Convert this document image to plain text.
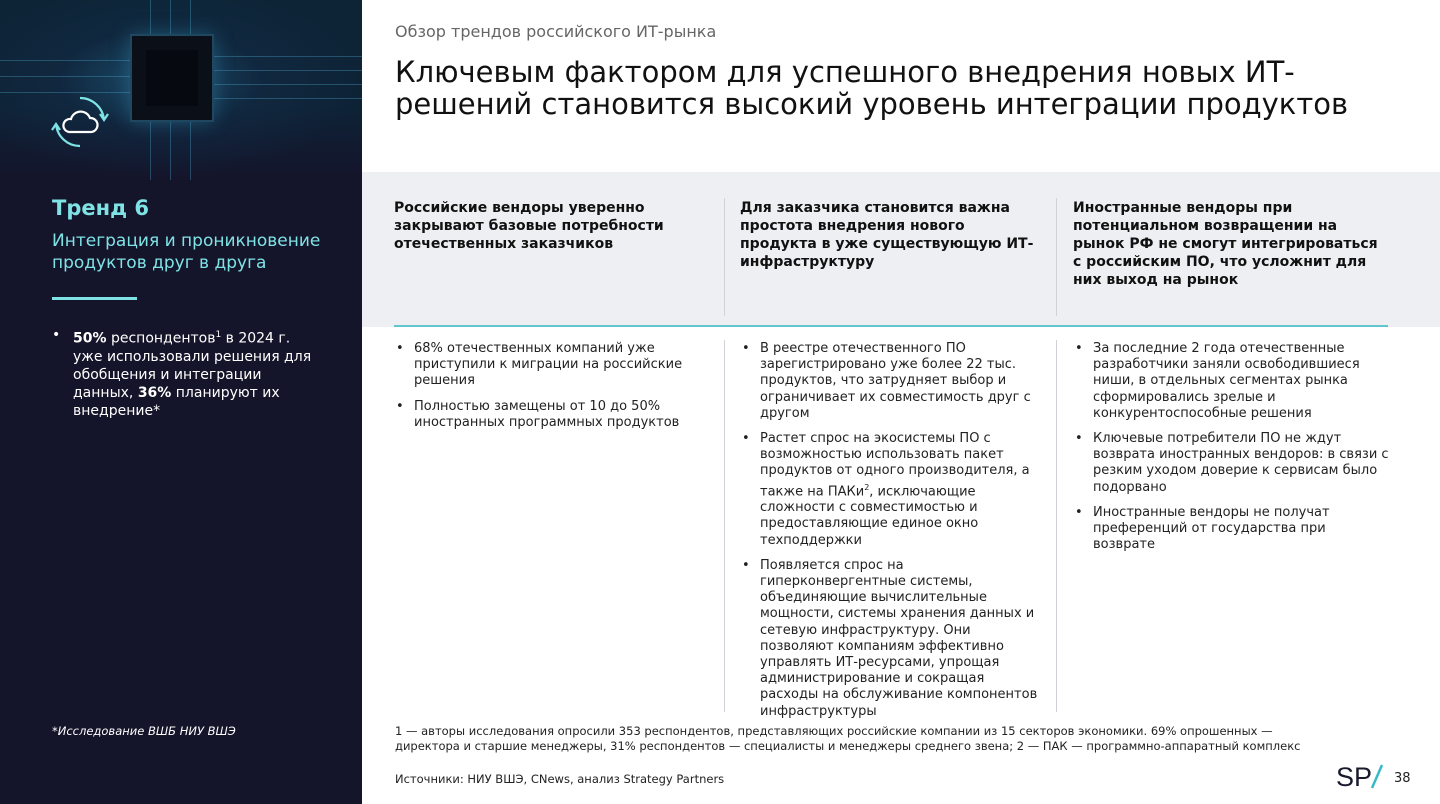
Тренд 6
Интеграция и проникновение продуктов друг в друга
• 50% респондентов$^1$ в 2024 г. уже использовали решения для обобщения и интеграции данных, 36% планируют их внедрение*
*Исследование ВШБ НИУ ВШЭ
Обзор трендов российского ИТ-рынка
Ключевым фактором для успешного внедрения новых ИТ-решений становится высокий уровень интеграции продуктов
Российские вендоры уверенно закрывают базовые потребности отечественных заказчиков
Для заказчика становится важна простота внедрения нового продукта в уже существующую ИТ-инфраструктуру
Иностранные вендоры при потенциальном возвращении на рынок РФ не смогут интегрироваться с российским ПО, что усложнит для них выход на рынок
• 68% отечественных компаний уже приступили к миграции на российские решения
• Полностью замещены от 10 до 50% иностранных программных продуктов
• В реестре отечественного ПО зарегистрировано уже более 22 тыс. продуктов, что затрудняет выбор и ограничивает их совместимость друг с другом
• Растет спрос на экосистемы ПО с возможностью использовать пакет продуктов от одного производителя, а также на ПАКи$^2$, исключающие сложности с совместимостью и предоставляющие единое окно техподдержки
• Появляется спрос на гиперконвергентные системы, объединяющие вычислительные мощности, системы хранения данных и сетевую инфраструктуру. Они позволяют компаниям эффективно управлять ИТ-ресурсами, упрощая администрирование и сокращая расходы на обслуживание компонентов инфраструктуры
• За последние 2 года отечественные разработчики заняли освободившиеся ниши, в отдельных сегментах рынка сформировались зрелые и конкурентоспособные решения
• Ключевые потребители ПО не ждут возврата иностранных вендоров: в связи с резким уходом доверие к сервисам было подорвано
• Иностранные вендоры не получат преференций от государства при возврате
1 — авторы исследования опросили 353 респондентов, представляющих российские компании из 15 секторов экономики. 69% опрошенных — директора и старшие менеджеры, 31% респондентов — специалисты и менеджеры среднего звена; 2 — ПАК — программно-аппаратный комплекс
Источники: НИУ ВШЭ, CNews, анализ Strategy Partners	SP 38
